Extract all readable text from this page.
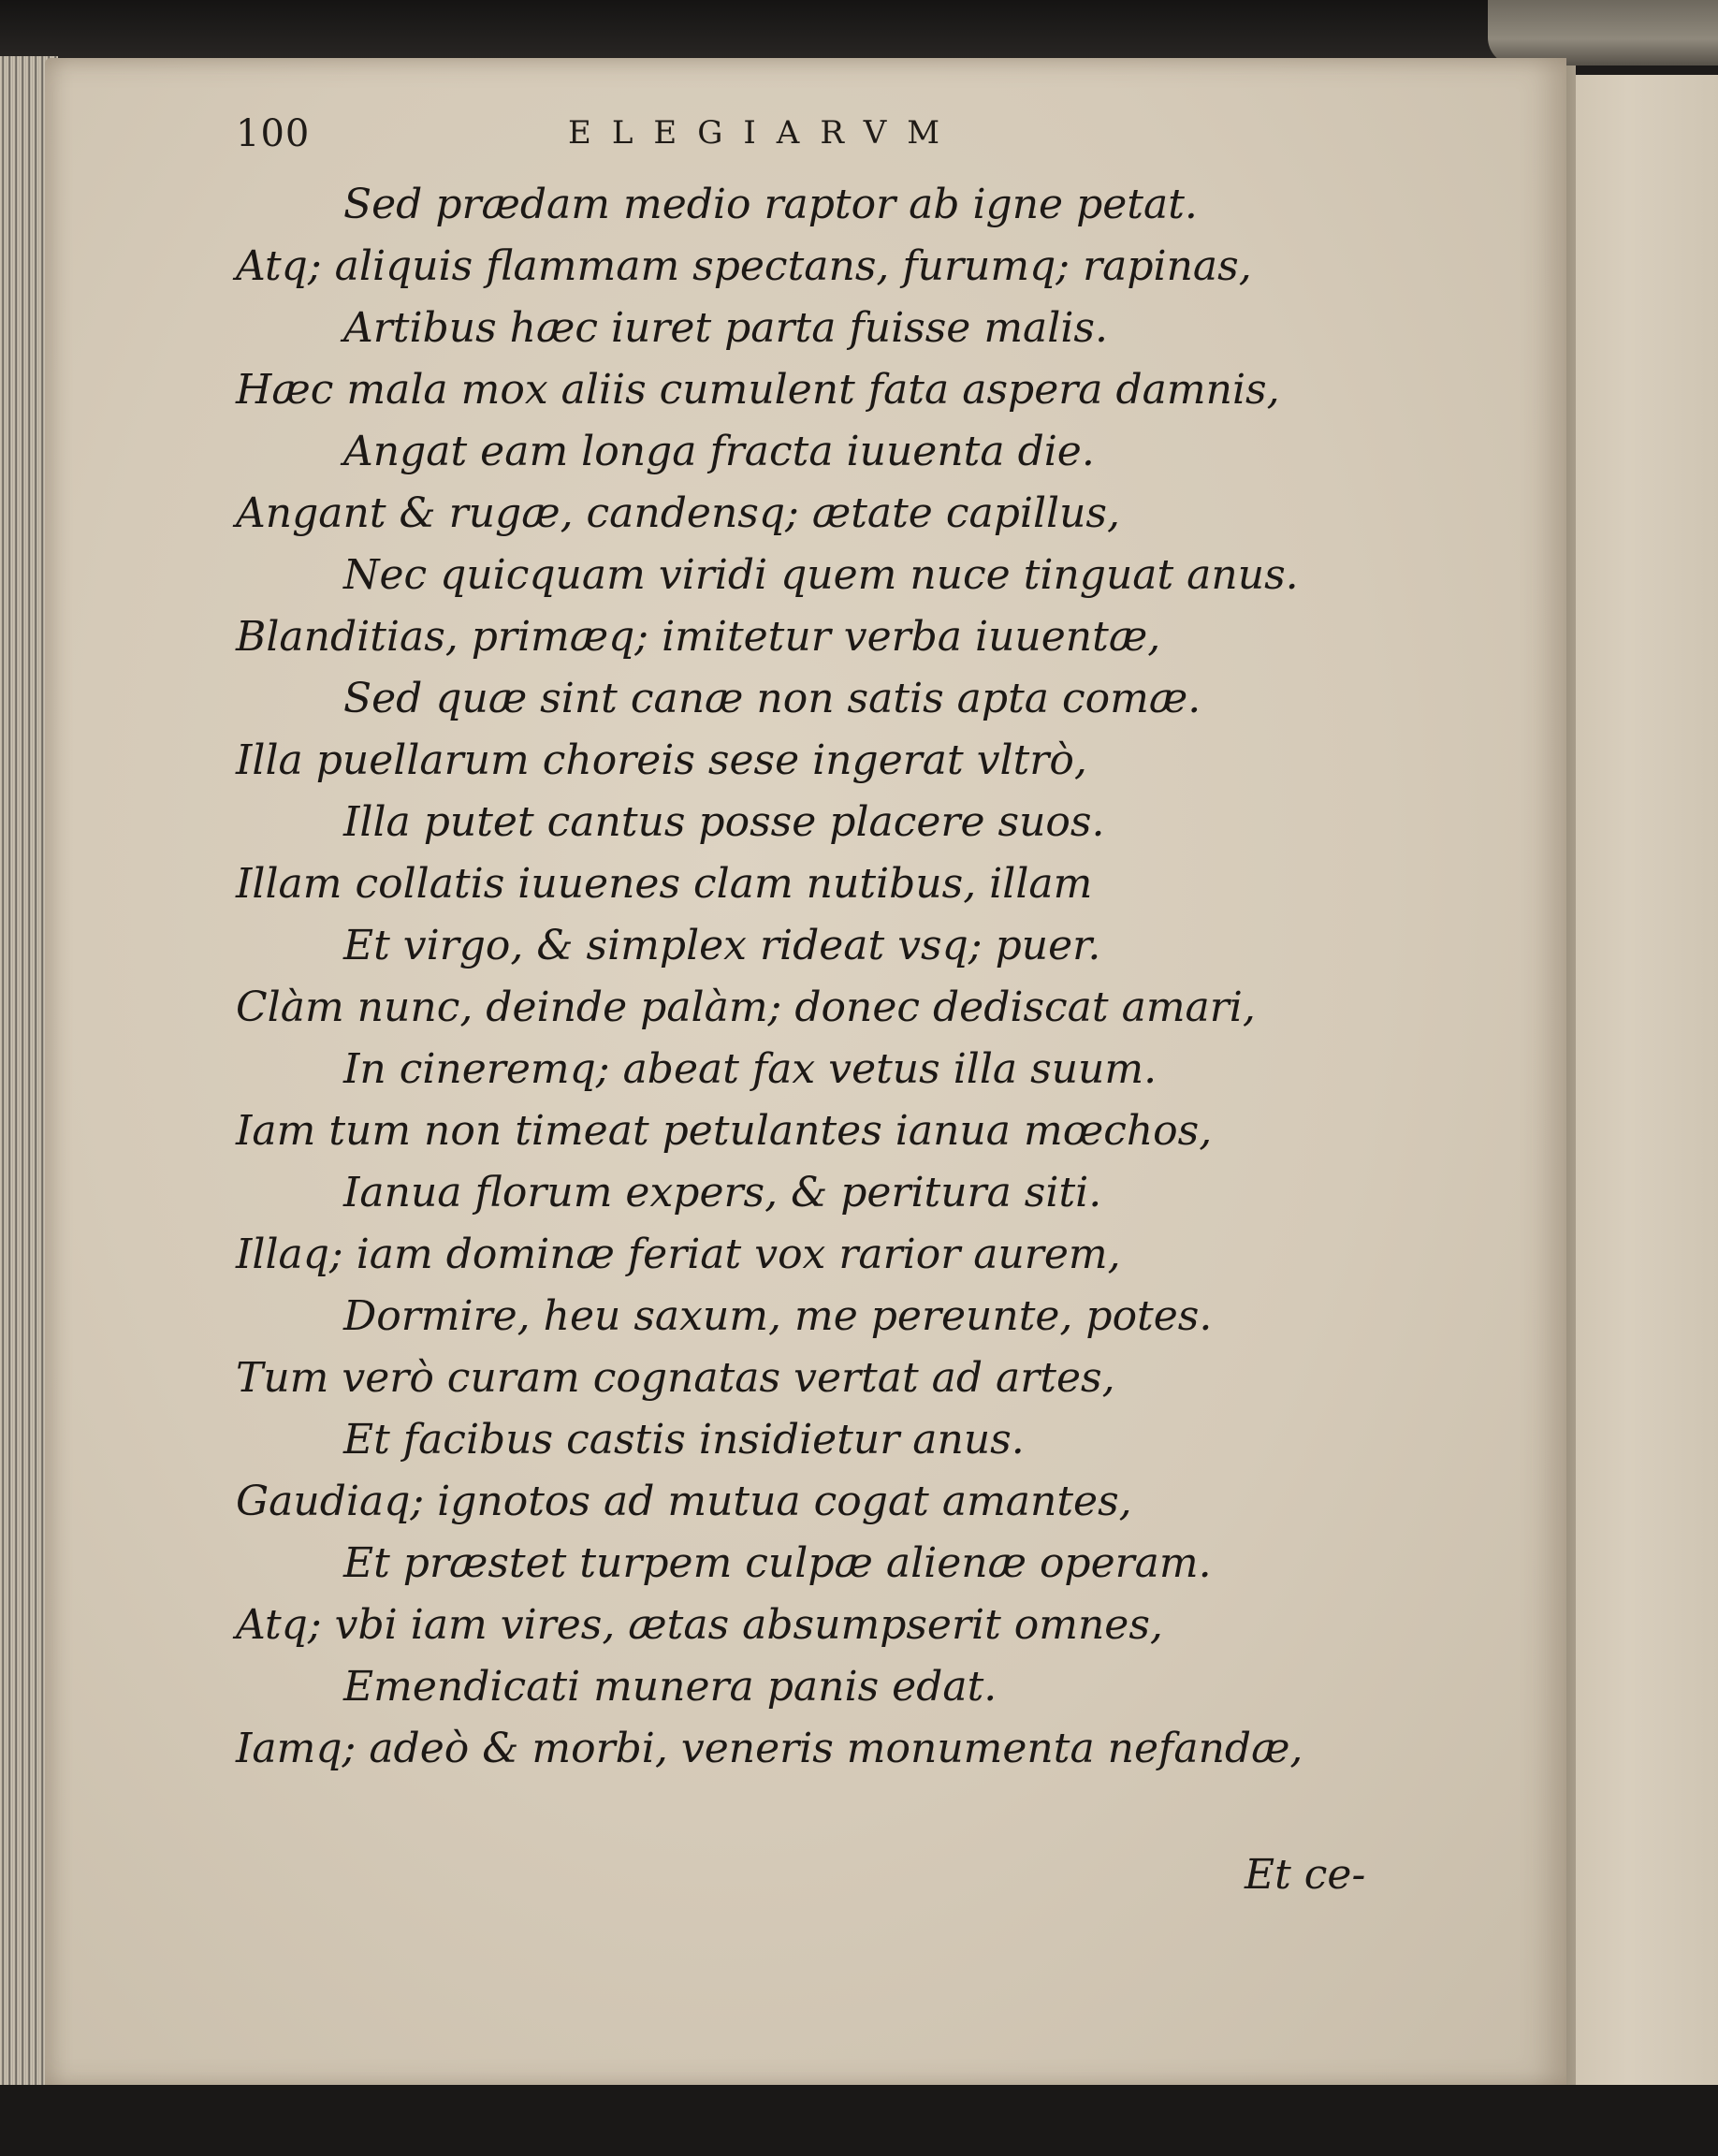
100	ELEGIARVM
Sed prædam medio raptor ab igne petat.
Atq; aliquis flammam spectans, furumq; rapinas,
Artibus hæc iuret parta fuisse malis.
Hæc mala mox aliis cumulent fata aspera damnis,
Angat eam longa fracta iuuenta die.
Angant & rugæ, candensq; ætate capillus,
Nec quicquam viridi quem nuce tinguat anus.
Blanditias, primæq; imitetur verba iuuentæ,
Sed quæ sint canæ non satis apta comæ.
Illa puellarum choreis sese ingerat vltrò,
Illa putet cantus posse placere suos.
Illam collatis iuuenes clam nutibus, illam
Et virgo, & simplex rideat vsq; puer.
Clàm nunc, deinde palàm; donec dediscat amari,
In cineremq; abeat fax vetus illa suum.
Iam tum non timeat petulantes ianua mœchos,
Ianua florum expers, & peritura siti.
Illaq; iam dominæ feriat vox rarior aurem,
Dormire, heu saxum, me pereunte, potes.
Tum verò curam cognatas vertat ad artes,
Et facibus castis insidietur anus.
Gaudiaq; ignotos ad mutua cogat amantes,
Et præstet turpem culpæ alienæ operam.
Atq; vbi iam vires, ætas absumpserit omnes,
Emendicati munera panis edat.
Iamq; adeò & morbi, veneris monumenta nefandæ,
Et ce-
